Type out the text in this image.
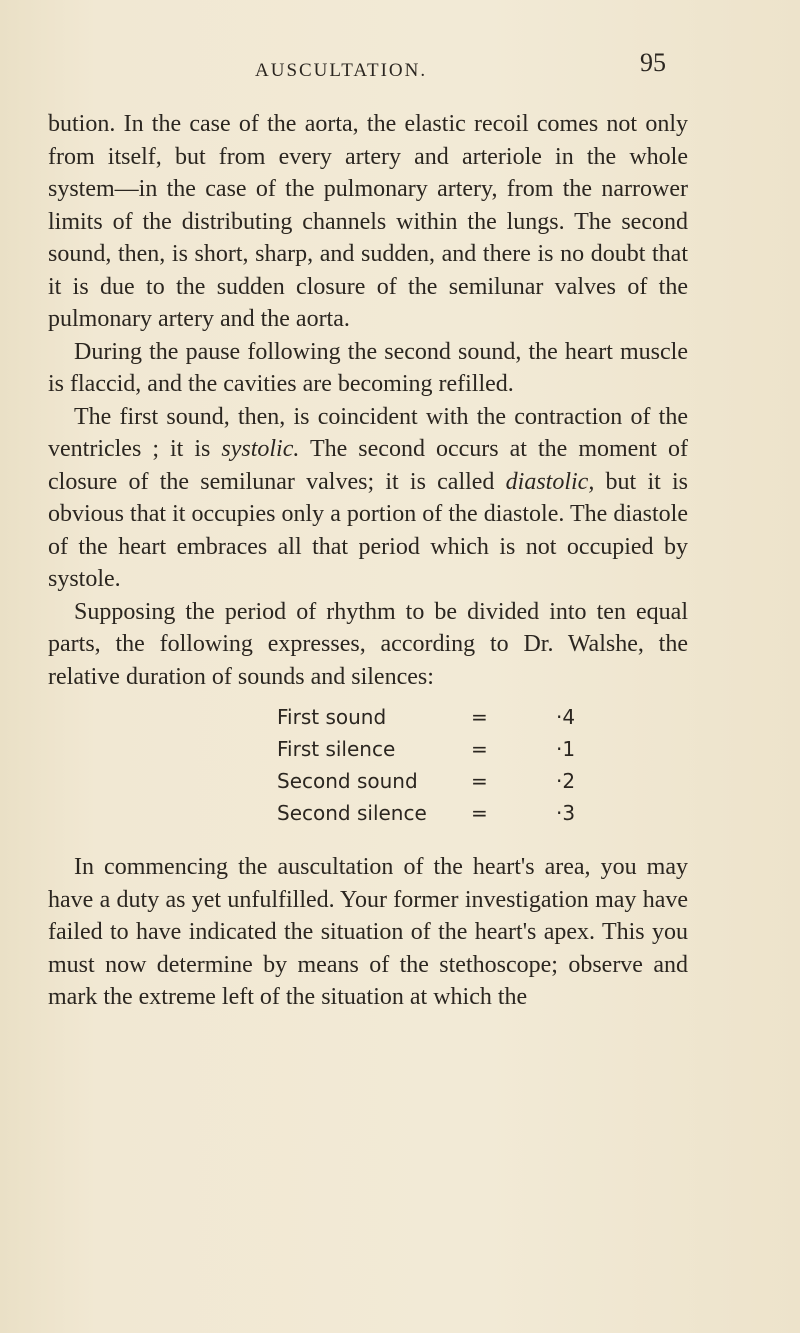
AUSCULTATION.	95

bution. In the case of the aorta, the elastic recoil comes not only from itself, but from every artery and arteriole in the whole system—in the case of the pulmonary artery, from the narrower limits of the distributing channels within the lungs. The second sound, then, is short, sharp, and sudden, and there is no doubt that it is due to the sudden closure of the semilunar valves of the pulmonary artery and the aorta.

During the pause following the second sound, the heart muscle is flaccid, and the cavities are becoming refilled.

The first sound, then, is coincident with the contraction of the ventricles ; it is systolic. The second occurs at the moment of closure of the semilunar valves; it is called diastolic, but it is obvious that it occupies only a portion of the diastole. The diastole of the heart embraces all that period which is not occupied by systole.

Supposing the period of rhythm to be divided into ten equal parts, the following expresses, according to Dr. Walshe, the relative duration of sounds and silences:

First sound	=	·4
First silence	=	·1
Second sound	=	·2
Second silence	=	·3

In commencing the auscultation of the heart's area, you may have a duty as yet unfulfilled. Your former investigation may have failed to have indicated the situation of the heart's apex. This you must now determine by means of the stethoscope; observe and mark the extreme left of the situation at which the
